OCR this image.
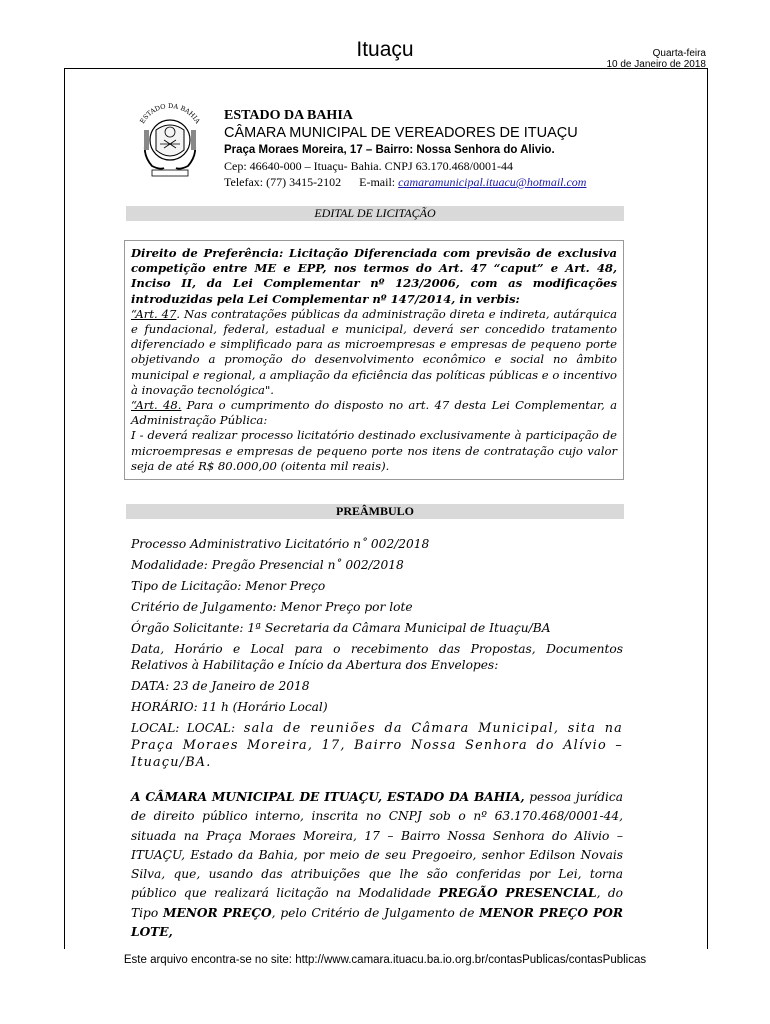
Ituaçu	Quarta-feira
10 de Janeiro de 2018
ESTADO DA BAHIA ESTADO DA BAHIA
CÂMARA MUNICIPAL DE VEREADORES DE ITUAÇU
Praça Moraes Moreira, 17 – Bairro: Nossa Senhora do Alivio.
Cep: 46640-000 – Ituaçu- Bahia. CNPJ 63.170.468/0001-44
Telefax: (77) 3415-2102 E-mail: camaramunicipal.ituacu@hotmail.com
EDITAL DE LICITAÇÃO

Direito de Preferência: Licitação Diferenciada com previsão de exclusiva competição entre ME e EPP, nos termos do Art. 47 “caput” e Art. 48, Inciso II, da Lei Complementar nº 123/2006, com as modificações introduzidas pela Lei Complementar nº 147/2014, in verbis:

“Art. 47. Nas contratações públicas da administração direta e indireta, autárquica e fundacional, federal, estadual e municipal, deverá ser concedido tratamento diferenciado e simplificado para as microempresas e empresas de pequeno porte objetivando a promoção do desenvolvimento econômico e social no âmbito municipal e regional, a ampliação da eficiência das políticas públicas e o incentivo à inovação tecnológica".

“Art. 48. Para o cumprimento do disposto no art. 47 desta Lei Complementar, a Administração Pública:

I - deverá realizar processo licitatório destinado exclusivamente à participação de microempresas e empresas de pequeno porte nos itens de contratação cujo valor seja de até R$ 80.000,00 (oitenta mil reais).

PREÂMBULO

Processo Administrativo Licitatório n˚ 002/2018

Modalidade: Pregão Presencial n˚ 002/2018

Tipo de Licitação: Menor Preço

Critério de Julgamento: Menor Preço por lote

Órgão Solicitante: 1ª Secretaria da Câmara Municipal de Ituaçu/BA

Data, Horário e Local para o recebimento das Propostas, Documentos Relativos à Habilitação e Início da Abertura dos Envelopes:

DATA: 23 de Janeiro de 2018

HORÁRIO: 11 h (Horário Local)

LOCAL: LOCAL: sala de reuniões da Câmara Municipal, sita na Praça Moraes Moreira, 17, Bairro Nossa Senhora do Alívio – Ituaçu/BA.

A CÂMARA MUNICIPAL DE ITUAÇU, ESTADO DA BAHIA, pessoa jurídica de direito público interno, inscrita no CNPJ sob o nº 63.170.468/0001-44, situada na Praça Moraes Moreira, 17 – Bairro Nossa Senhora do Alivio – ITUAÇU, Estado da Bahia, por meio de seu Pregoeiro, senhor Edilson Novais Silva, que, usando das atribuições que lhe são conferidas por Lei, torna público que realizará licitação na Modalidade PREGÃO PRESENCIAL, do Tipo MENOR PREÇO, pelo Critério de Julgamento de MENOR PREÇO POR LOTE,
Este arquivo encontra-se no site: http://www.camara.ituacu.ba.io.org.br/contasPublicas/contasPublicas
